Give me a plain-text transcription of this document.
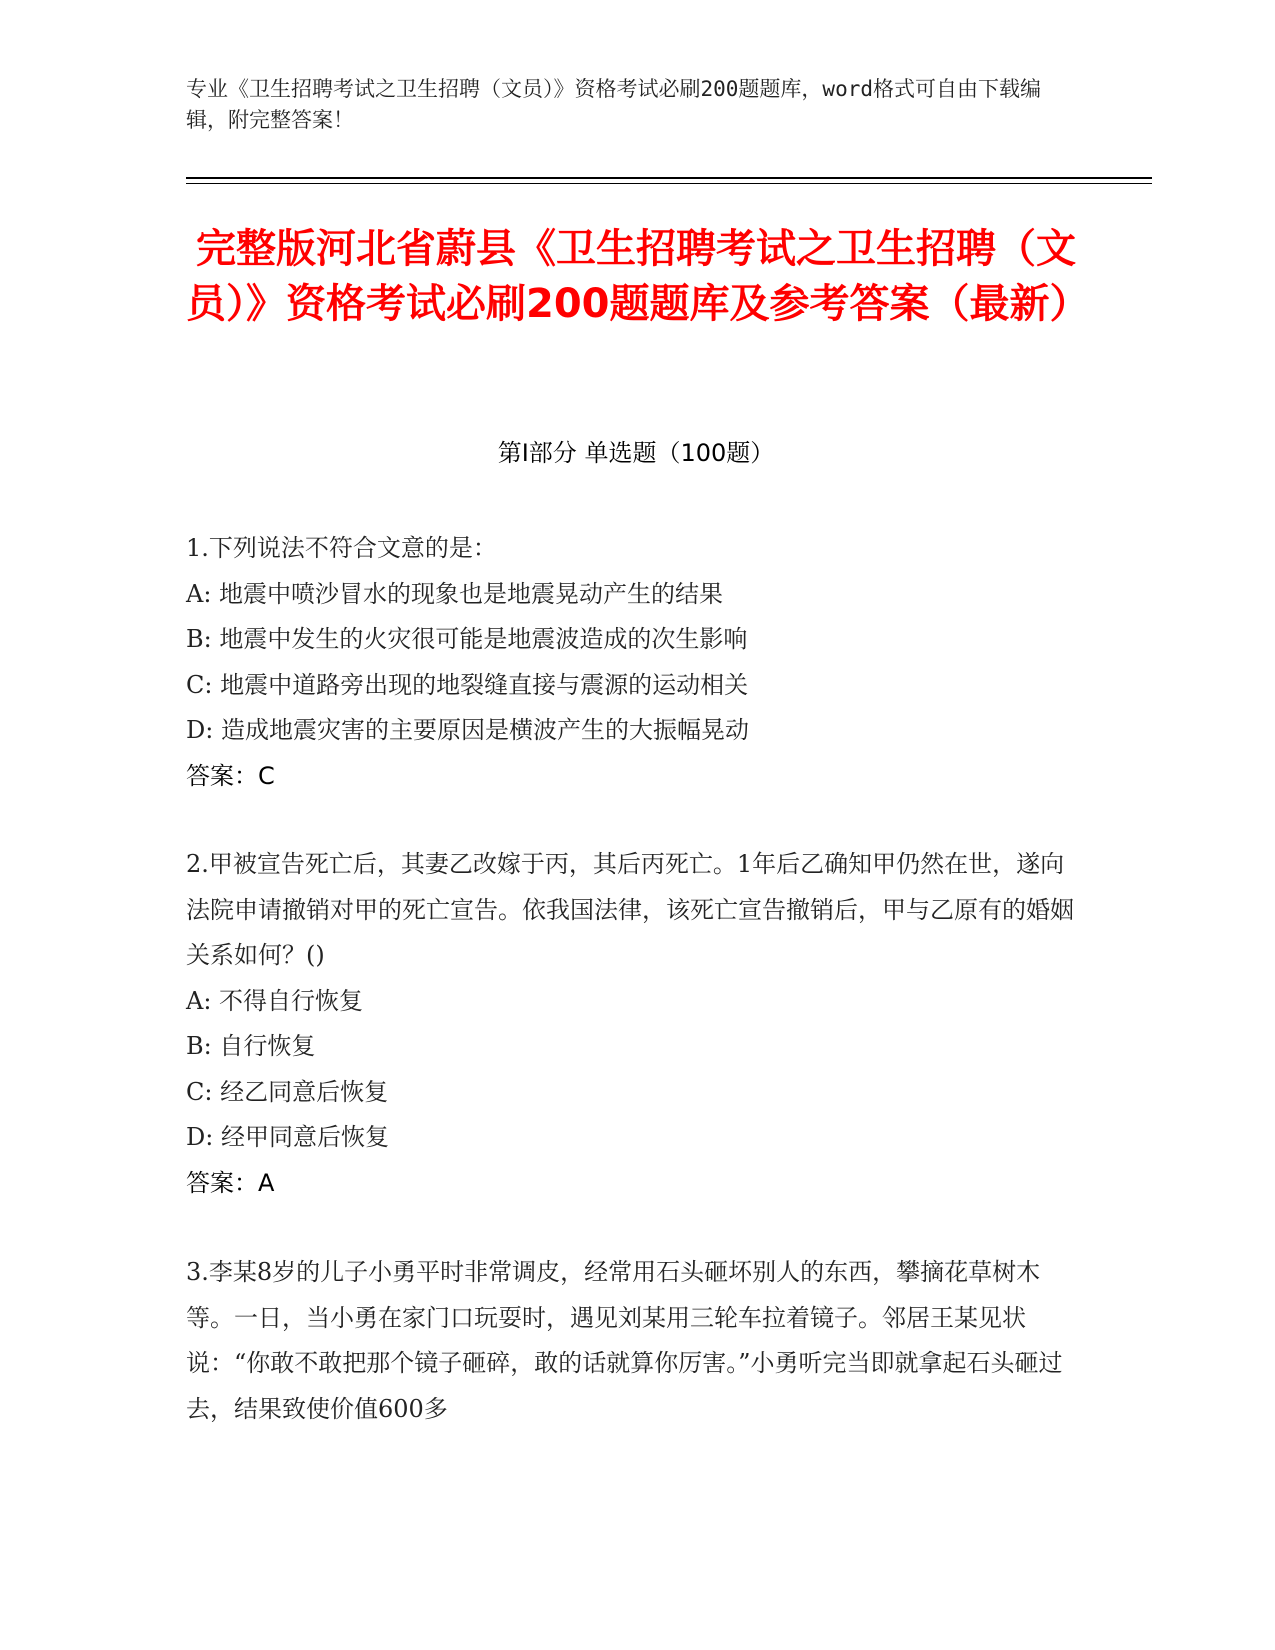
专业《卫生招聘考试之卫生招聘（文员）》资格考试必刷200题题库，word格式可自由下载编辑，附完整答案！
完整版河北省蔚县《卫生招聘考试之卫生招聘（文员）》资格考试必刷200题题库及参考答案（最新）
第I部分 单选题（100题）

1.下列说法不符合文意的是：

A: 地震中喷沙冒水的现象也是地震晃动产生的结果

B: 地震中发生的火灾很可能是地震波造成的次生影响

C: 地震中道路旁出现的地裂缝直接与震源的运动相关

D: 造成地震灾害的主要原因是横波产生的大振幅晃动

答案：C

2.甲被宣告死亡后，其妻乙改嫁于丙，其后丙死亡。1年后乙确知甲仍然在世，遂向法院申请撤销对甲的死亡宣告。依我国法律，该死亡宣告撤销后，甲与乙原有的婚姻关系如何？()

A: 不得自行恢复

B: 自行恢复

C: 经乙同意后恢复

D: 经甲同意后恢复

答案：A

3.李某8岁的儿子小勇平时非常调皮，经常用石头砸坏别人的东西，攀摘花草树木等。一日，当小勇在家门口玩耍时，遇见刘某用三轮车拉着镜子。邻居王某见状说：“你敢不敢把那个镜子砸碎，敢的话就算你厉害。”小勇听完当即就拿起石头砸过去，结果致使价值600多
